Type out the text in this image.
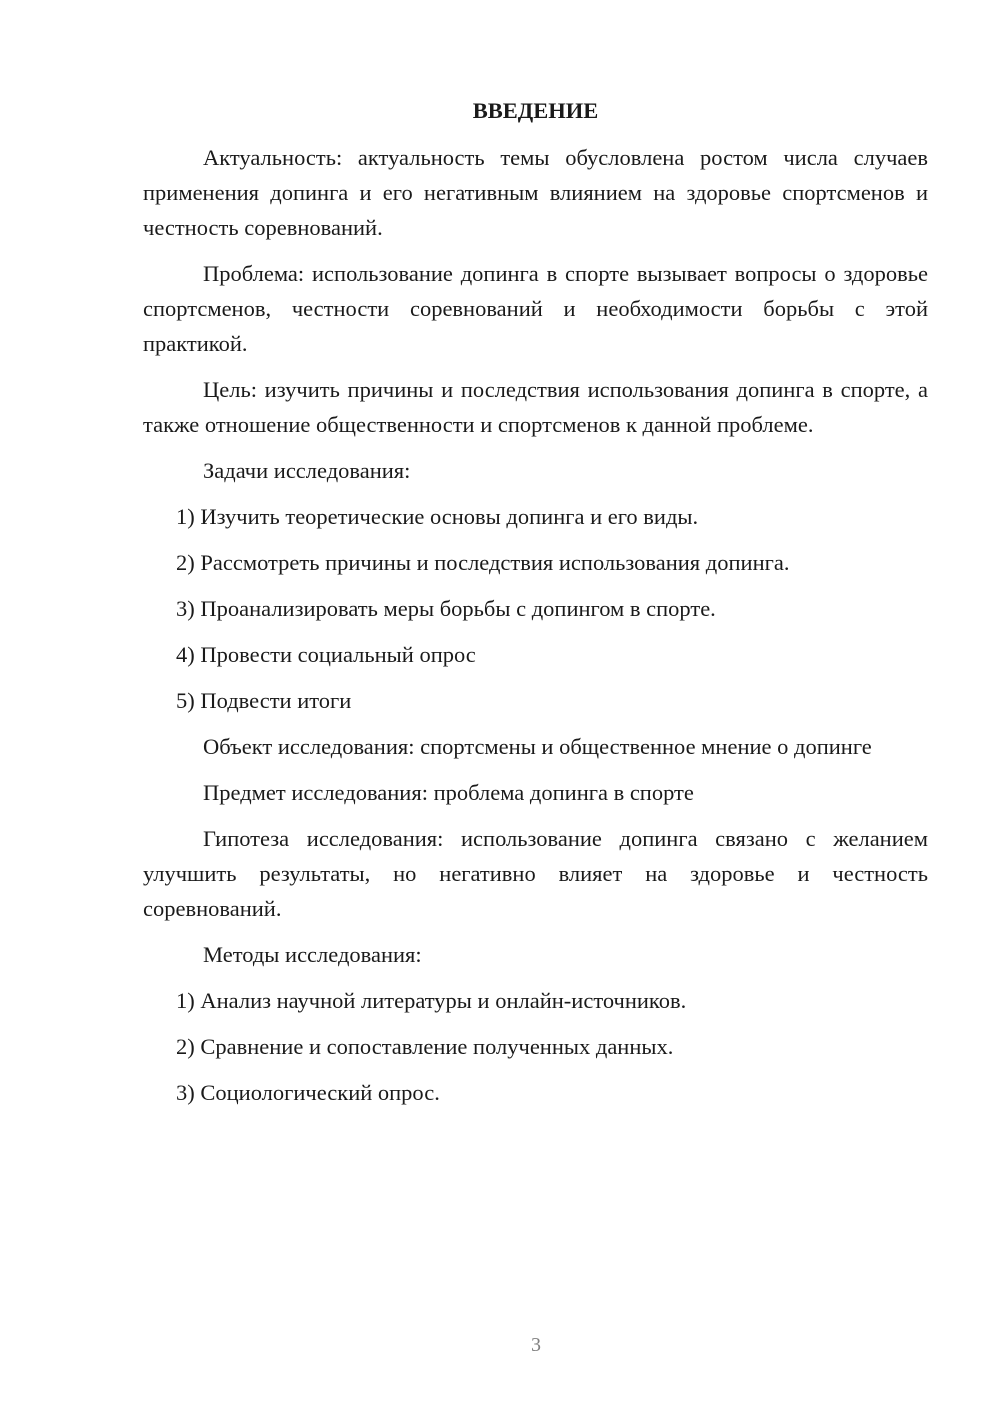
ВВЕДЕНИЕ

Актуальность: актуальность темы обусловлена ростом числа случаев применения допинга и его негативным влиянием на здоровье спортсменов и честность соревнований.

Проблема: использование допинга в спорте вызывает вопросы о здоровье спортсменов, честности соревнований и необходимости борьбы с этой практикой.

Цель: изучить причины и последствия использования допинга в спорте, а также отношение общественности и спортсменов к данной проблеме.

Задачи исследования:

1) Изучить теоретические основы допинга и его виды.

2) Рассмотреть причины и последствия использования допинга.

3) Проанализировать меры борьбы с допингом в спорте.

4) Провести социальный опрос

5) Подвести итоги

Объект исследования: спортсмены и общественное мнение о допинге

Предмет исследования: проблема допинга в спорте

Гипотеза исследования: использование допинга связано с желанием улучшить результаты, но негативно влияет на здоровье и честность соревнований.

Методы исследования:

1) Анализ научной литературы и онлайн-источников.

2) Сравнение и сопоставление полученных данных.

3) Социологический опрос.

3
